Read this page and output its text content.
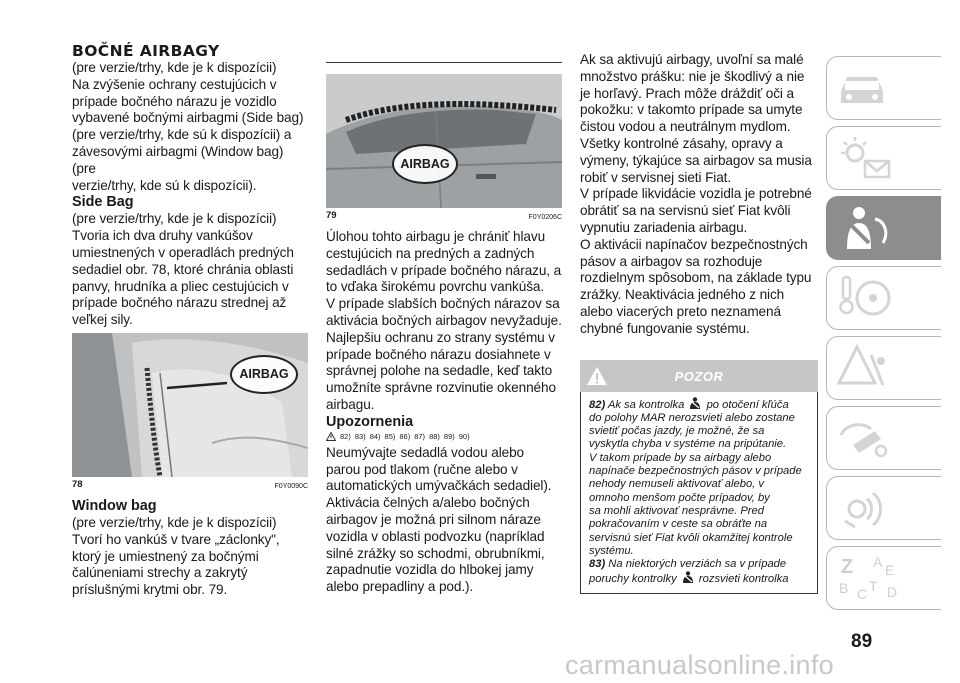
BOČNÉ AIRBAGY
(pre verzie/trhy, kde je k dispozícii)
Na zvýšenie ochrany cestujúcich v
prípade bočného nárazu je vozidlo
vybavené bočnými airbagmi (Side bag)
(pre verzie/trhy, kde sú k dispozícii) a
závesovými airbagmi (Window bag) (pre
verzie/trhy, kde sú k dispozícii).
Side Bag
(pre verzie/trhy, kde je k dispozícii)
Tvoria ich dva druhy vankúšov
umiestnených v operadlách predných
sedadiel obr. 78, ktoré chránia oblasti
panvy, hrudníka a pliec cestujúcich v
prípade bočného nárazu strednej až
veľkej sily.
AIRBAG
78	F0Y0090C
Window bag
(pre verzie/trhy, kde je k dispozícii)
Tvorí ho vankúš v tvare „záclonky",
ktorý je umiestnený za bočnými
čalúneniami strechy a zakrytý
príslušnými krytmi obr. 79.
AIRBAG
79	F0Y0206C
Úlohou tohto airbagu je chrániť hlavu
cestujúcich na predných a zadných
sedadlách v prípade bočného nárazu, a
to vďaka širokému povrchu vankúša.
V prípade slabších bočných nárazov sa
aktivácia bočných airbagov nevyžaduje.
Najlepšiu ochranu zo strany systému v
prípade bočného nárazu dosiahnete v
správnej polohe na sedadle, keď takto
umožníte správne rozvinutie okenného
airbagu.
Upozornenia
82) 83) 84) 85) 86) 87) 88) 89) 90)
Neumývajte sedadlá vodou alebo
parou pod tlakom (ručne alebo v
automatických umývačkách sedadiel).
Aktivácia čelných a/alebo bočných
airbagov je možná pri silnom náraze
vozidla v oblasti podvozku (napríklad
silné zrážky so schodmi, obrubníkmi,
zapadnutie vozidla do hlbokej jamy
alebo prepadliny a pod.).
Ak sa aktivujú airbagy, uvoľní sa malé
množstvo prášku: nie je škodlivý a nie
je horľavý. Prach môže dráždiť oči a
pokožku: v takomto prípade sa umyte
čistou vodou a neutrálnym mydlom.
Všetky kontrolné zásahy, opravy a
výmeny, týkajúce sa airbagov sa musia
robiť v servisnej sieti Fiat.
V prípade likvidácie vozidla je potrebné
obrátiť sa na servisnú sieť Fiat kvôli
vypnutiu zariadenia airbagu.
O aktivácii napínačov bezpečnostných
pásov a airbagov sa rozhoduje
rozdielnym spôsobom, na základe typu
zrážky. Neaktivácia jedného z nich
alebo viacerých preto neznamená
chybné fungovanie systému.
POZOR
82) Ak sa kontrolka po otočení kľúča
do polohy MAR nerozsvieti alebo zostane
svietiť počas jazdy, je možné, že sa
vyskytla chyba v systéme na pripútanie.
V takom prípade by sa airbagy alebo
napínače bezpečnostných pásov v prípade
nehody nemuseli aktivovať alebo, v
omnoho menšom počte prípadov, by
sa mohli aktivovať nesprávne. Pred
pokračovaním v ceste sa obráťte na
servisnú sieť Fiat kvôli okamžitej kontrole
systému.
83) Na niektorých verziách sa v prípade
poruchy kontrolky rozsvieti kontrolka
A
Z E
B C D
T
89
carmanualsonline.info
